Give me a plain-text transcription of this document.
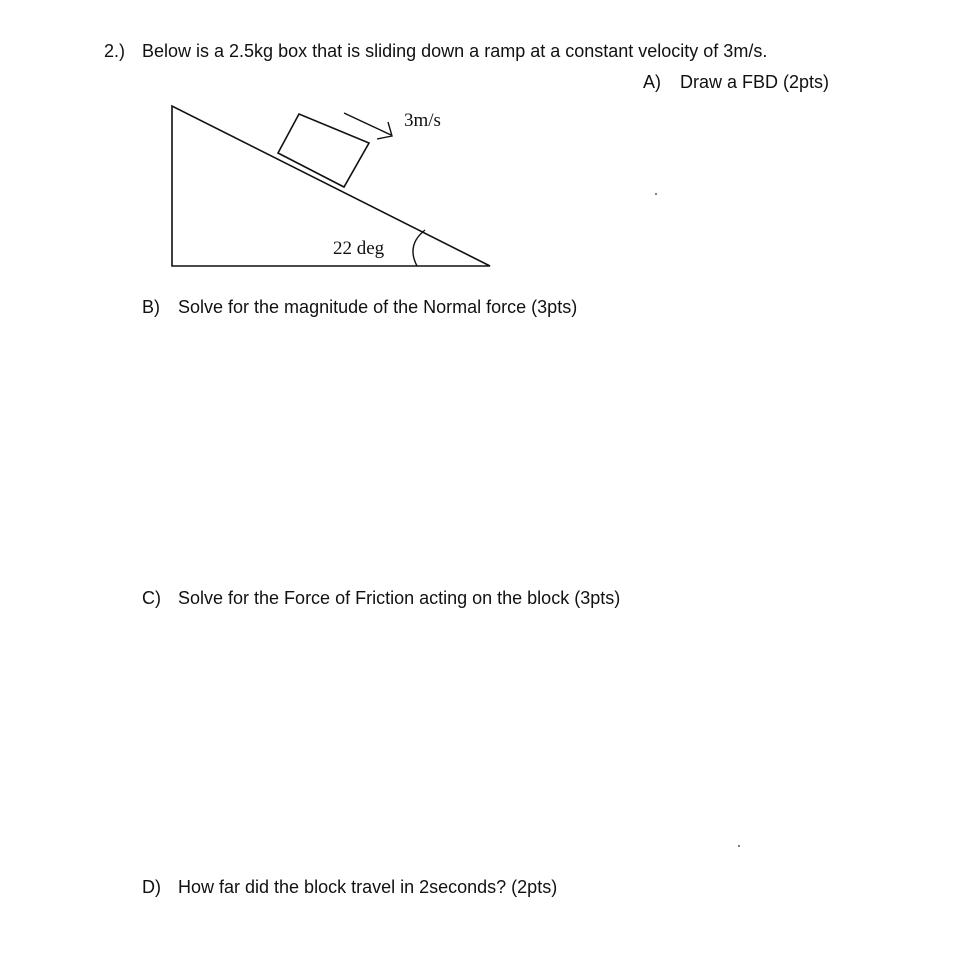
2.) Below is a 2.5kg box that is sliding down a ramp at a constant velocity of 3m/s.
A) Draw a FBD (2pts)
3m/s
22 deg
B) Solve for the magnitude of the Normal force (3pts)
C) Solve for the Force of Friction acting on the block (3pts)
D) How far did the block travel in 2seconds? (2pts)
